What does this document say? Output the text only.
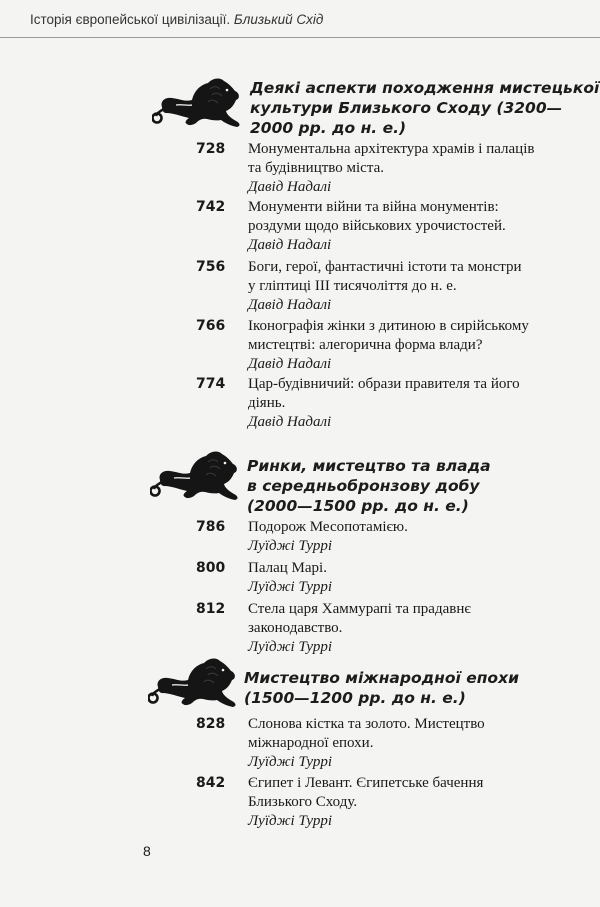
Історія європейської цивілізації. Близький Схід
Деякі аспекти походження мистецької
культури Близького Сходу (3200—
2000 рр. до н. е.)
728 Монументальна архітектура храмів і палаців
та будівництво міста.
Давід Надалі
742 Монументи війни та війна монументів:
роздуми щодо військових урочистостей.
Давід Надалі
756 Боги, герої, фантастичні істоти та монстри
у гліптиці ІІІ тисячоліття до н. е.
Давід Надалі
766 Іконографія жінки з дитиною в сирійському
мистецтві: алегорична форма влади?
Давід Надалі
774 Цар-будівничий: образи правителя та його
діянь.
Давід Надалі
Ринки, мистецтво та влада
в середньобронзову добу
(2000—1500 рр. до н. е.)
786 Подорож Месопотамією.
Луїджі Туррі
800 Палац Марі.
Луїджі Туррі
812 Стела царя Хаммурапі та прадавнє
законодавство.
Луїджі Туррі
Мистецтво міжнародної епохи
(1500—1200 рр. до н. е.)
828 Слонова кістка та золото. Мистецтво
міжнародної епохи.
Луїджі Туррі
842 Єгипет і Левант. Єгипетське бачення
Близького Сходу.
Луїджі Туррі
8
